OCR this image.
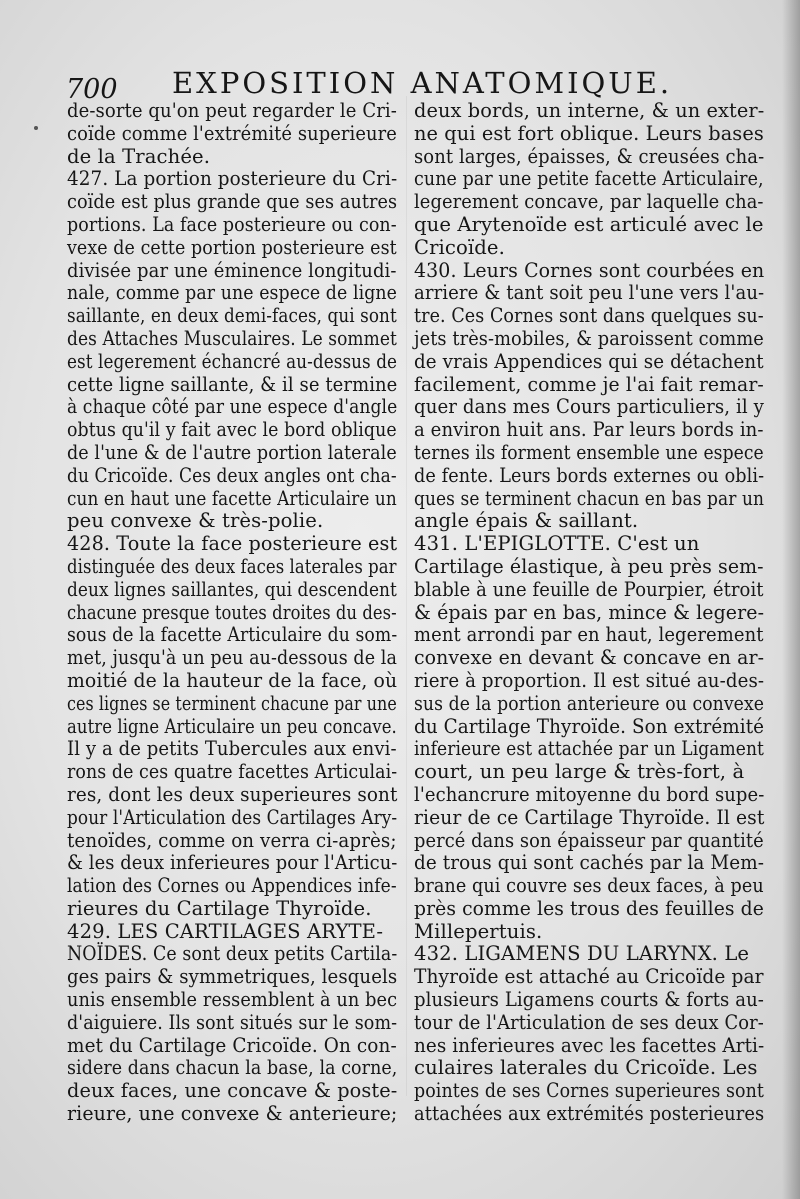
700 EXPOSITION ANATOMIQUE.
de-sorte qu'on peut regarder le Cri-
coïde comme l'extrémité superieure
de la Trachée.
427. La portion posterieure du Cri-
coïde est plus grande que ses autres
portions. La face posterieure ou con-
vexe de cette portion posterieure est
divisée par une éminence longitudi-
nale, comme par une espece de ligne
saillante, en deux demi-faces, qui sont
des Attaches Musculaires. Le sommet
est legerement échancré au-dessus de
cette ligne saillante, & il se termine
à chaque côté par une espece d'angle
obtus qu'il y fait avec le bord oblique
de l'une & de l'autre portion laterale
du Cricoïde. Ces deux angles ont cha-
cun en haut une facette Articulaire un
peu convexe & très-polie.
428. Toute la face posterieure est
distinguée des deux faces laterales par
deux lignes saillantes, qui descendent
chacune presque toutes droites du des-
sous de la facette Articulaire du som-
met, jusqu'à un peu au-dessous de la
moitié de la hauteur de la face, où
ces lignes se terminent chacune par une
autre ligne Articulaire un peu concave.
Il y a de petits Tubercules aux envi-
rons de ces quatre facettes Articulai-
res, dont les deux superieures sont
pour l'Articulation des Cartilages Ary-
tenoïdes, comme on verra ci-après;
& les deux inferieures pour l'Articu-
lation des Cornes ou Appendices infe-
rieures du Cartilage Thyroïde.
429. LES CARTILAGES ARYTE-
NOÏDES. Ce sont deux petits Cartila-
ges pairs & symmetriques, lesquels
unis ensemble ressemblent à un bec
d'aiguiere. Ils sont situés sur le som-
met du Cartilage Cricoïde. On con-
sidere dans chacun la base, la corne,
deux faces, une concave & poste-
rieure, une convexe & anterieure;
deux bords, un interne, & un exter-
ne qui est fort oblique. Leurs bases
sont larges, épaisses, & creusées cha-
cune par une petite facette Articulaire,
legerement concave, par laquelle cha-
que Arytenoïde est articulé avec le
Cricoïde.
430. Leurs Cornes sont courbées en
arriere & tant soit peu l'une vers l'au-
tre. Ces Cornes sont dans quelques su-
jets très-mobiles, & paroissent comme
de vrais Appendices qui se détachent
facilement, comme je l'ai fait remar-
quer dans mes Cours particuliers, il y
a environ huit ans. Par leurs bords in-
ternes ils forment ensemble une espece
de fente. Leurs bords externes ou obli-
ques se terminent chacun en bas par un
angle épais & saillant.
431. L'EPIGLOTTE. C'est un
Cartilage élastique, à peu près sem-
blable à une feuille de Pourpier, étroit
& épais par en bas, mince & legere-
ment arrondi par en haut, legerement
convexe en devant & concave en ar-
riere à proportion. Il est situé au-des-
sus de la portion anterieure ou convexe
du Cartilage Thyroïde. Son extrémité
inferieure est attachée par un Ligament
court, un peu large & très-fort, à
l'echancrure mitoyenne du bord supe-
rieur de ce Cartilage Thyroïde. Il est
percé dans son épaisseur par quantité
de trous qui sont cachés par la Mem-
brane qui couvre ses deux faces, à peu
près comme les trous des feuilles de
Millepertuis.
432. LIGAMENS DU LARYNX. Le
Thyroïde est attaché au Cricoïde par
plusieurs Ligamens courts & forts au-
tour de l'Articulation de ses deux Cor-
nes inferieures avec les facettes Arti-
culaires laterales du Cricoïde. Les
pointes de ses Cornes superieures sont
attachées aux extrémités posterieures
